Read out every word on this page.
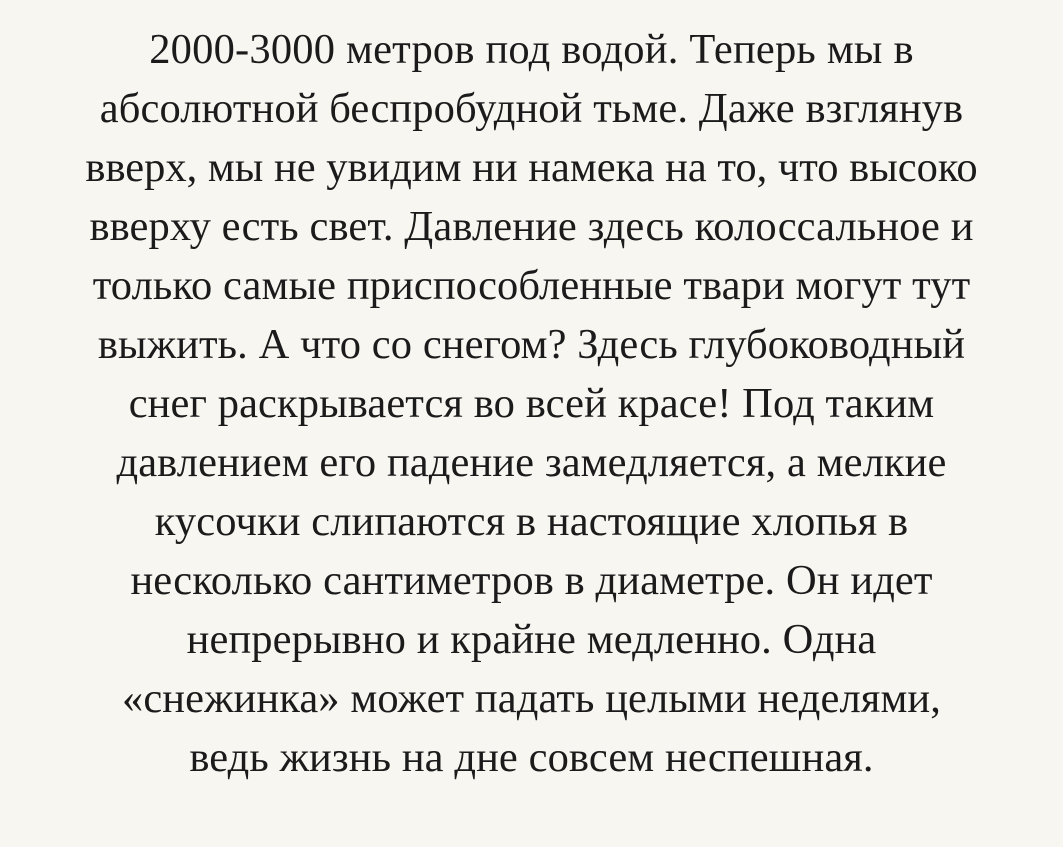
2000-3000 метров под водой. Теперь мы в
абсолютной беспробудной тьме. Даже взглянув
вверх, мы не увидим ни намека на то, что высоко
вверху есть свет. Давление здесь колоссальное и
только самые приспособленные твари могут тут
выжить. А что со снегом? Здесь глубоководный
снег раскрывается во всей красе! Под таким
давлением его падение замедляется, а мелкие
кусочки слипаются в настоящие хлопья в
несколько сантиметров в диаметре. Он идет
непрерывно и крайне медленно. Одна
«снежинка» может падать целыми неделями,
ведь жизнь на дне совсем неспешная.
